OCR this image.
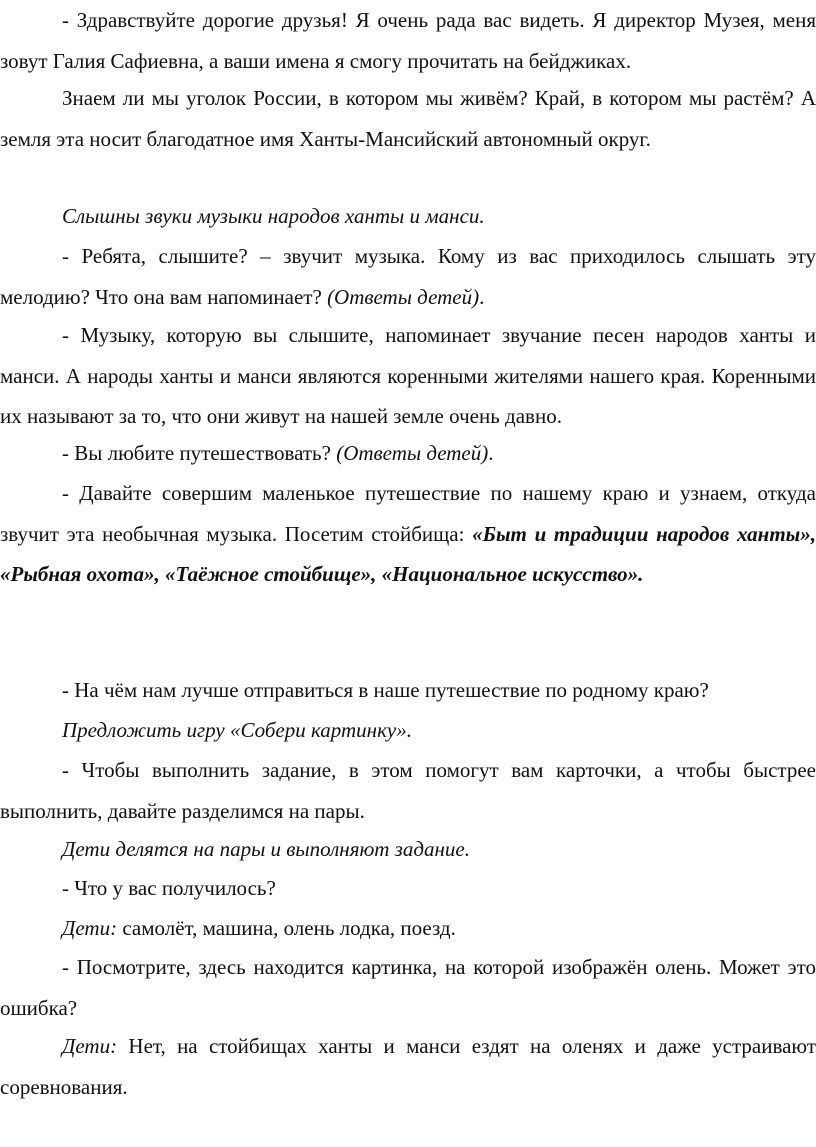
- Здравствуйте дорогие друзья! Я очень рада вас видеть. Я директор Музея, меня зовут Галия Сафиевна, а ваши имена я смогу прочитать на бейджиках.

Знаем ли мы уголок России, в котором мы живём? Край, в котором мы растём? А земля эта носит благодатное имя Ханты-Мансийский автономный округ.

Слышны звуки музыки народов ханты и манси.

- Ребята, слышите? – звучит музыка. Кому из вас приходилось слышать эту мелодию? Что она вам напоминает? (Ответы детей).

- Музыку, которую вы слышите, напоминает звучание песен народов ханты и манси. А народы ханты и манси являются коренными жителями нашего края. Коренными их называют за то, что они живут на нашей земле очень давно.

- Вы любите путешествовать? (Ответы детей).

- Давайте совершим маленькое путешествие по нашему краю и узнаем, откуда звучит эта необычная музыка. Посетим стойбища: «Быт и традиции народов ханты», «Рыбная охота», «Таёжное стойбище», «Национальное искусство».

- На чём нам лучше отправиться в наше путешествие по родному краю?

Предложить игру «Собери картинку».

- Чтобы выполнить задание, в этом помогут вам карточки, а чтобы быстрее выполнить, давайте разделимся на пары.

Дети делятся на пары и выполняют задание.

- Что у вас получилось?

Дети: самолёт, машина, олень лодка, поезд.

- Посмотрите, здесь находится картинка, на которой изображён олень. Может это ошибка?

Дети: Нет, на стойбищах ханты и манси ездят на оленях и даже устраивают соревнования.
